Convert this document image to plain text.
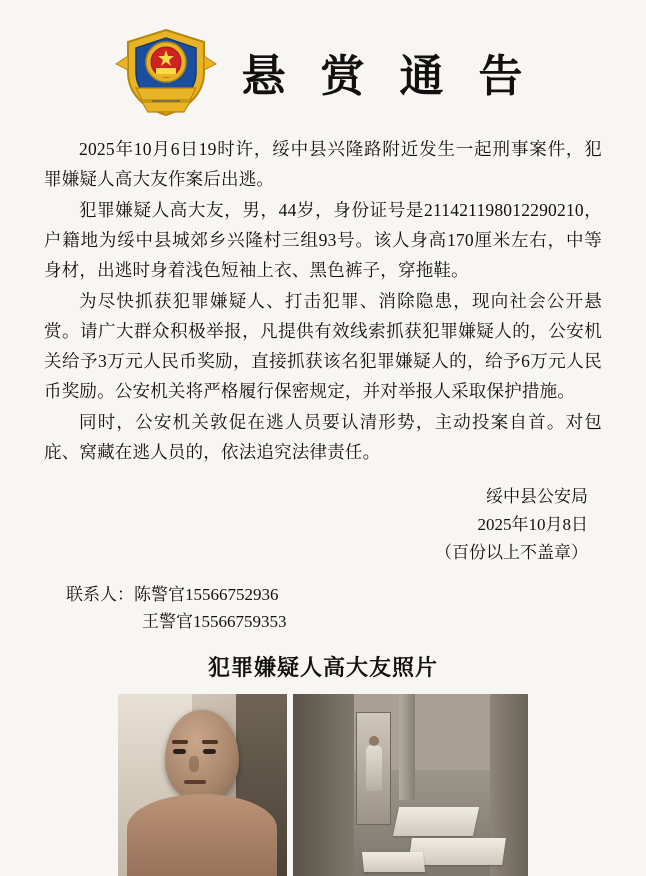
悬 赏 通 告

2025年10月6日19时许，绥中县兴隆路附近发生一起刑事案件，犯罪嫌疑人高大友作案后出逃。

犯罪嫌疑人高大友，男，44岁，身份证号是211421198012290210，户籍地为绥中县城郊乡兴隆村三组93号。该人身高170厘米左右，中等身材，出逃时身着浅色短袖上衣、黑色裤子，穿拖鞋。

为尽快抓获犯罪嫌疑人、打击犯罪、消除隐患，现向社会公开悬赏。请广大群众积极举报，凡提供有效线索抓获犯罪嫌疑人的，公安机关给予3万元人民币奖励，直接抓获该名犯罪嫌疑人的，给予6万元人民币奖励。公安机关将严格履行保密规定，并对举报人采取保护措施。

同时，公安机关敦促在逃人员要认清形势，主动投案自首。对包庇、窝藏在逃人员的，依法追究法律责任。

绥中县公安局
2025年10月8日
（百份以上不盖章）
联系人：陈警官15566752936
王警官15566759353
犯罪嫌疑人高大友照片
